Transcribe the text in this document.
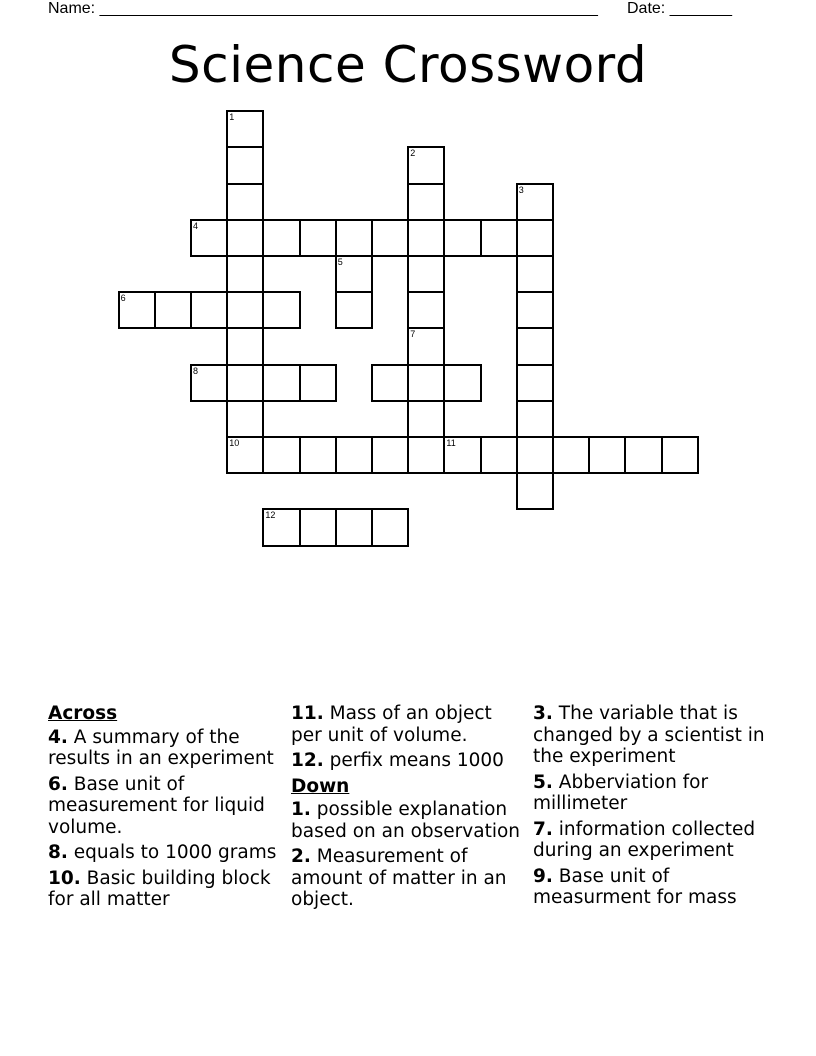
Name: ________________________________________________________ Date: _______
Science Crossword
1
2
3
4
5
6
8
7
10	11
12
Across
4. A summary of the results in an experiment
6. Base unit of measurement for liquid volume.
8. equals to 1000 grams
10. Basic building block for all matter
11. Mass of an object per unit of volume.
12. perfix means 1000
Down
1. possible explanation based on an observation
2. Measurement of amount of matter in an object.
3. The variable that is changed by a scientist in the experiment
5. Abberviation for millimeter
7. information collected during an experiment
9. Base unit of measurment for mass
